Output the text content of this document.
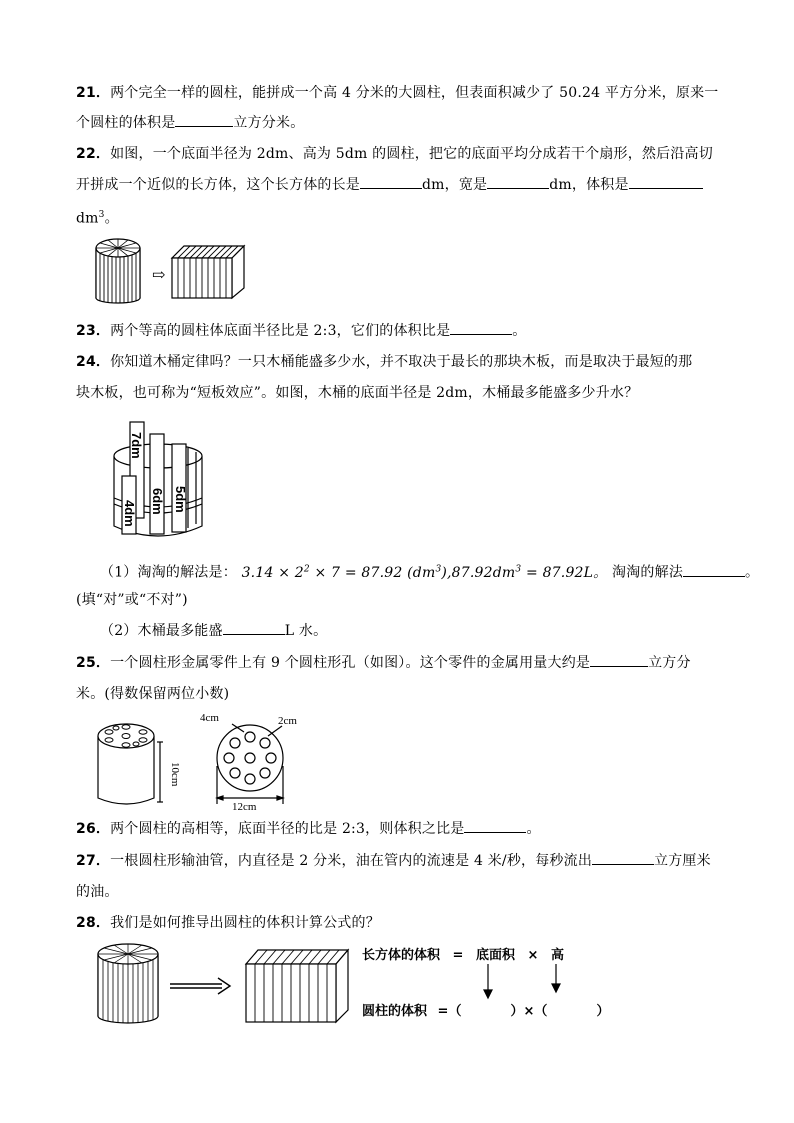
21．两个完全一样的圆柱，能拼成一个高 4 分米的大圆柱，但表面积减少了 50.24 平方分米，原来一
个圆柱的体积是	立方分米。
22．如图，一个底面半径为 2dm、高为 5dm 的圆柱，把它的底面平均分成若干个扇形，然后沿高切
开拼成一个近似的长方体，这个长方体的长是	dm，宽是	dm，体积是
$dm^3$。
⇨
23．两个等高的圆柱体底面半径比是 2:3，它们的体积比是	。
24．你知道木桶定律吗？一只木桶能盛多少水，并不取决于最长的那块木板，而是取决于最短的那
块木板，也可称为“短板效应”。如图，木桶的底面半径是 2dm，木桶最多能盛多少升水？
7dm
5dm
6dm
4dm
（1）淘淘的解法是： $3.14 \times 2^2 \times 7 = 87.92$ $(dm^3),87.92dm^3 = 87.92L$。 淘淘的解法	。
(填“对”或“不对”)
（2）木桶最多能盛	L 水。
25．一个圆柱形金属零件上有 9 个圆柱形孔（如图）。这个零件的金属用量大约是	立方分
米。(得数保留两位小数)
4cm	2cm
10cm
12cm
26．两个圆柱的高相等，底面半径的比是 2:3，则体积之比是	。
27．一根圆柱形输油管，内直径是 2 分米，油在管内的流速是 4 米/秒，每秒流出	立方厘米
的油。
28．我们是如何推导出圆柱的体积计算公式的？
长方体的体积 = 底面积 × 高
圆柱的体积 =（	）×（	）
